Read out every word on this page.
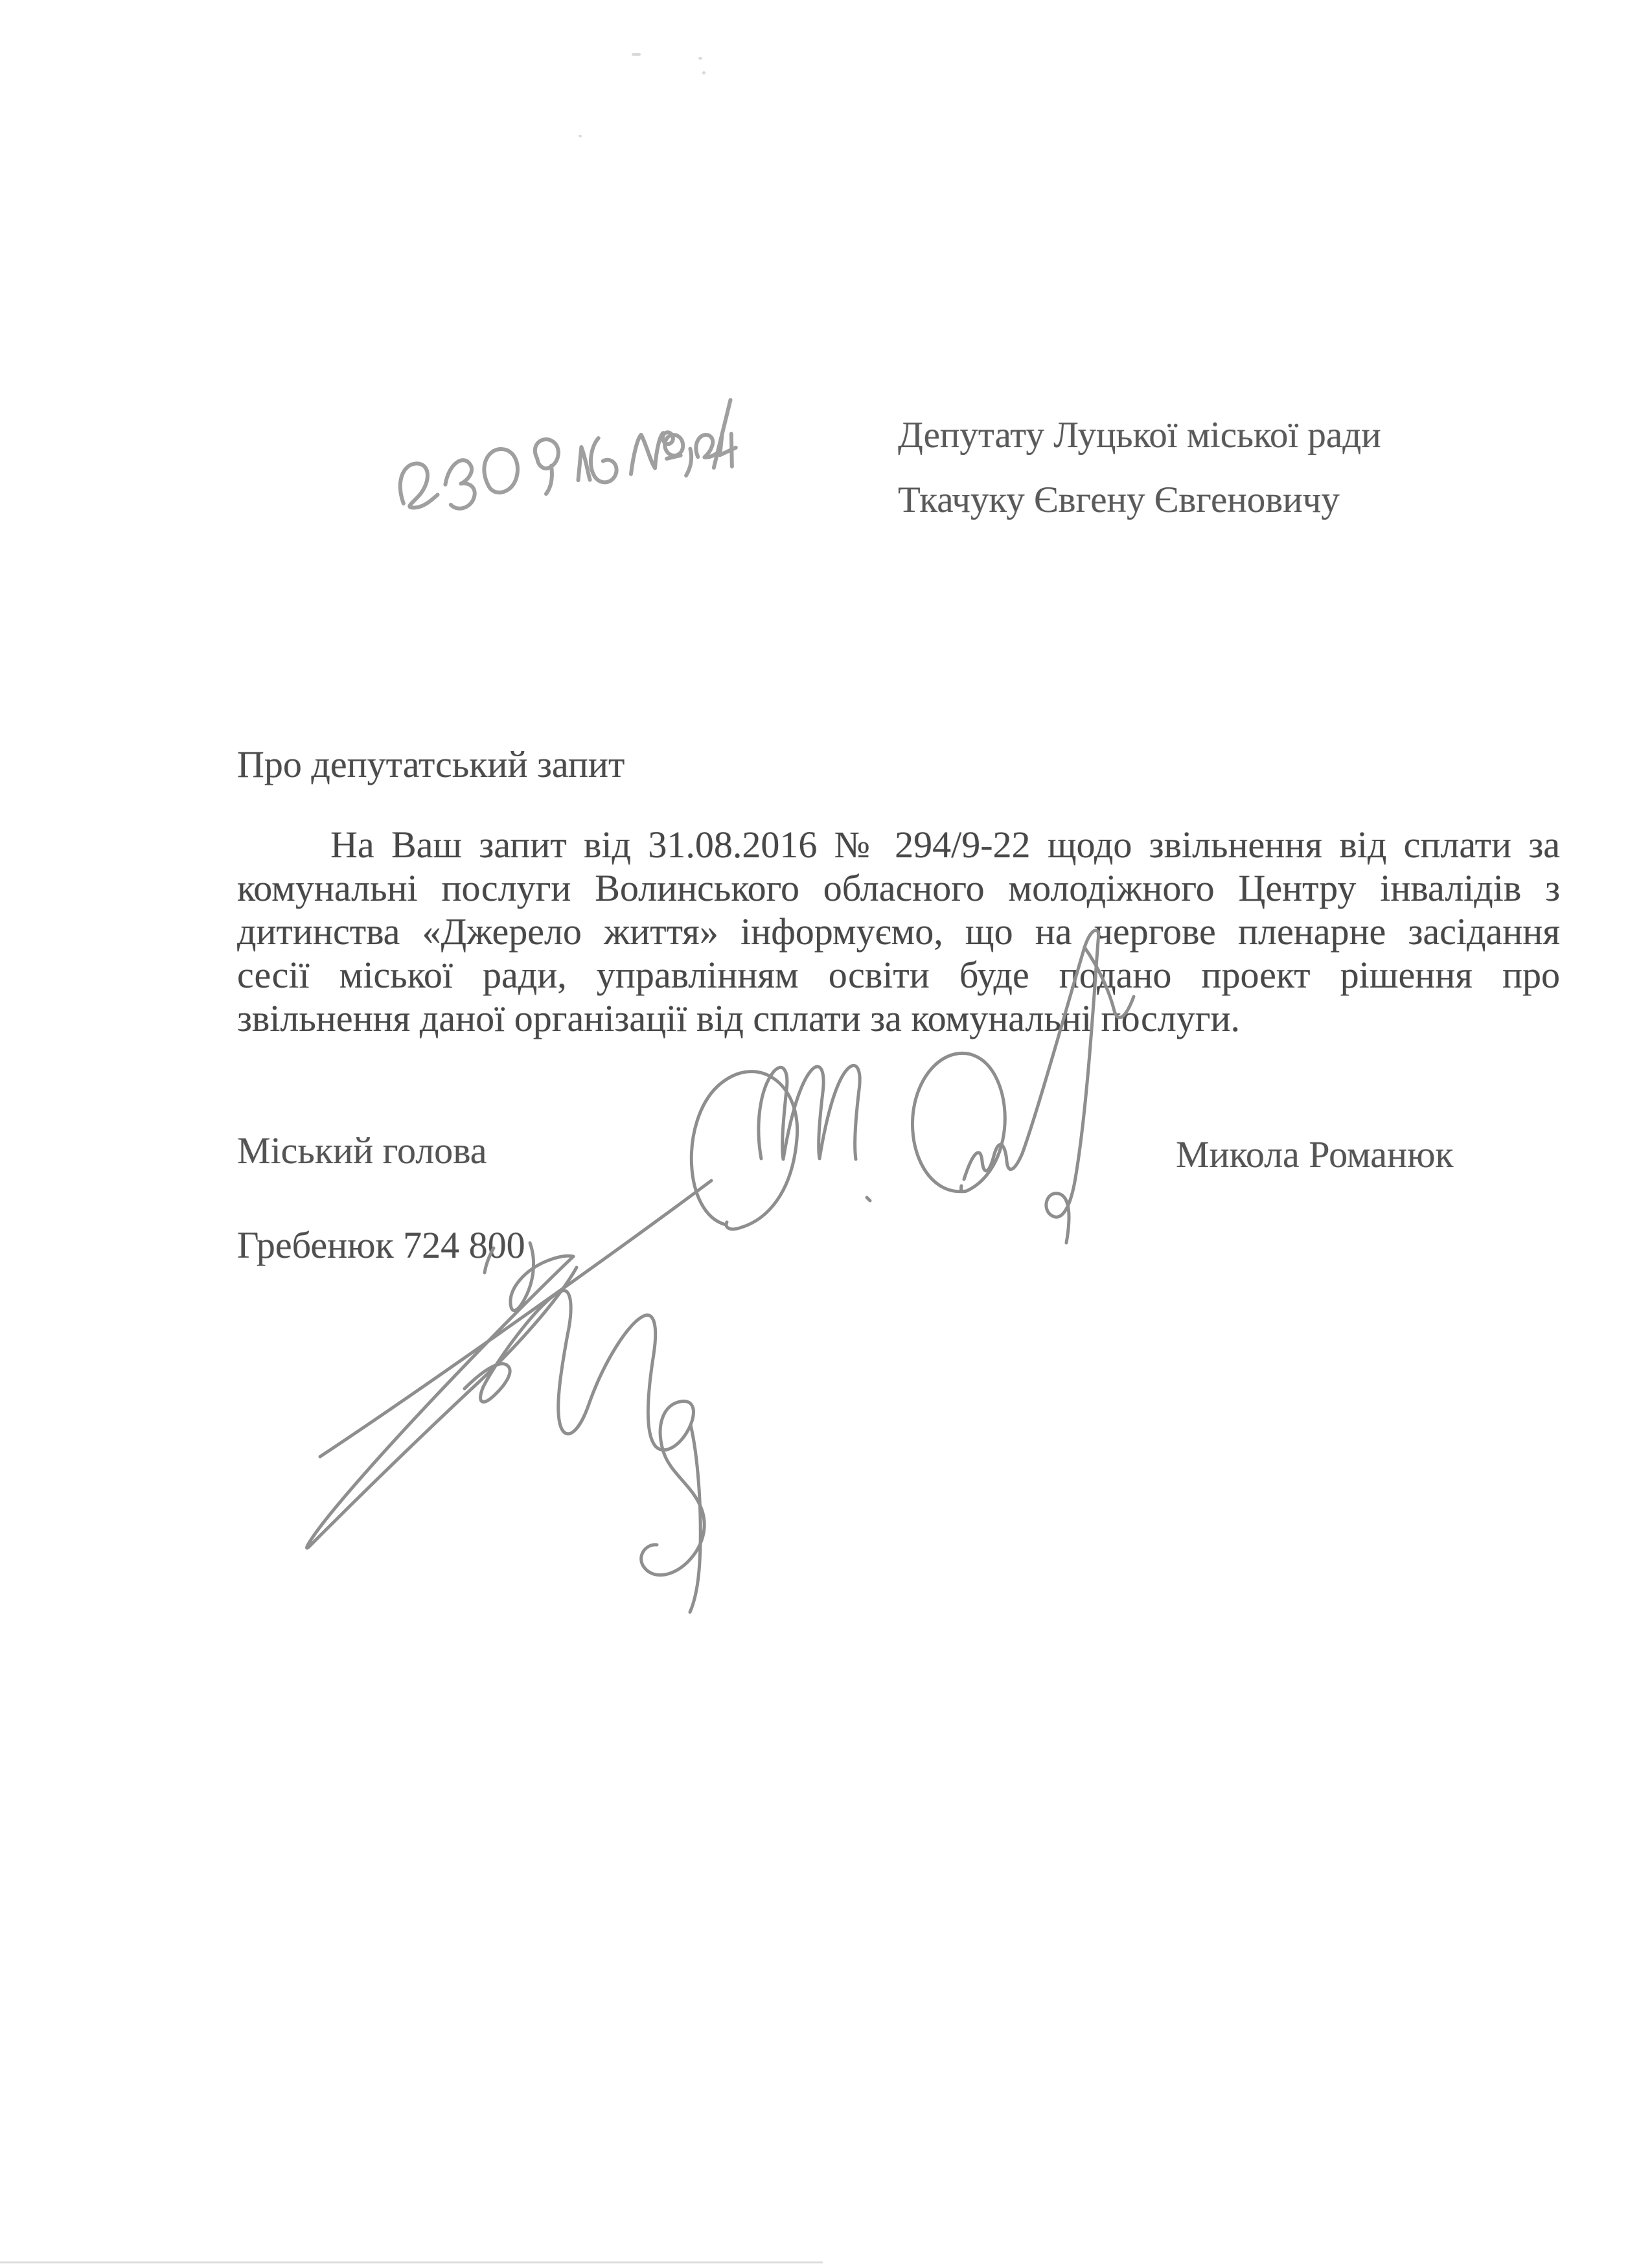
Депутату Луцької міської ради
Ткачуку Євгену Євгеновичу
Про депутатський запит
На Ваш запит від 31.08.2016 № 294/9-22 щодо звільнення від сплати за
комунальні послуги Волинського обласного молодіжного Центру інвалідів з
дитинства «Джерело життя» інформуємо, що на чергове пленарне засідання
сесії міської ради, управлінням освіти буде подано проект рішення про
звільнення даної організації від сплати за комунальні послуги.
Міський голова	Микола Романюк
Гребенюк 724 800
